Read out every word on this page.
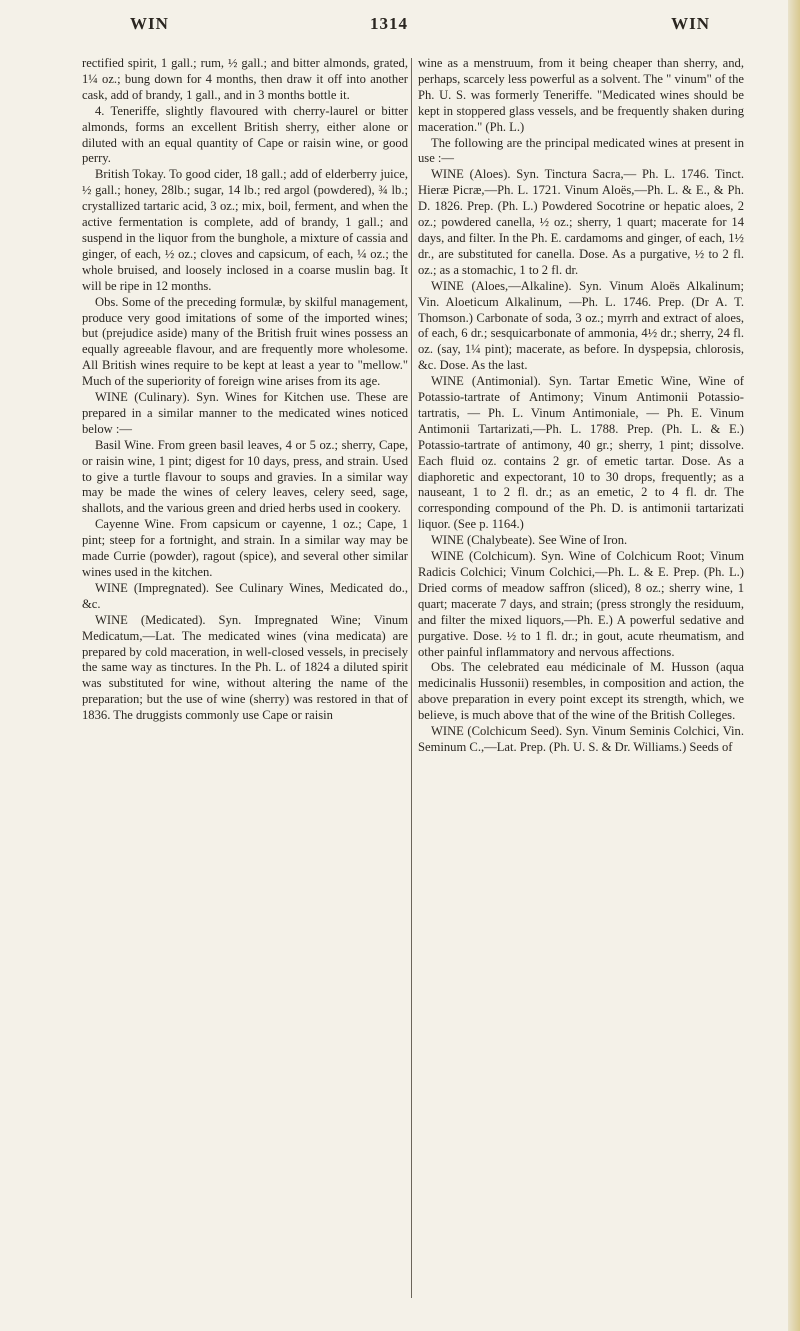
WIN	1314	WIN

rectified spirit, 1 gall.; rum, ½ gall.; and bitter almonds, grated, 1¼ oz.; bung down for 4 months, then draw it off into another cask, add of brandy, 1 gall., and in 3 months bottle it.

4. Teneriffe, slightly flavoured with cherry-laurel or bitter almonds, forms an excellent British sherry, either alone or diluted with an equal quantity of Cape or raisin wine, or good perry.

British Tokay. To good cider, 18 gall.; add of elderberry juice, ½ gall.; honey, 28lb.; sugar, 14 lb.; red argol (powdered), ¾ lb.; crystallized tartaric acid, 3 oz.; mix, boil, ferment, and when the active fermentation is complete, add of brandy, 1 gall.; and suspend in the liquor from the bunghole, a mixture of cassia and ginger, of each, ½ oz.; cloves and capsicum, of each, ¼ oz.; the whole bruised, and loosely inclosed in a coarse muslin bag. It will be ripe in 12 months.

Obs. Some of the preceding formulæ, by skilful management, produce very good imitations of some of the imported wines; but (prejudice aside) many of the British fruit wines possess an equally agreeable flavour, and are frequently more wholesome. All British wines require to be kept at least a year to "mellow." Much of the superiority of foreign wine arises from its age.

WINE (Culinary). Syn. Wines for Kitchen use. These are prepared in a similar manner to the medicated wines noticed below :—

Basil Wine. From green basil leaves, 4 or 5 oz.; sherry, Cape, or raisin wine, 1 pint; digest for 10 days, press, and strain. Used to give a turtle flavour to soups and gravies. In a similar way may be made the wines of celery leaves, celery seed, sage, shallots, and the various green and dried herbs used in cookery.

Cayenne Wine. From capsicum or cayenne, 1 oz.; Cape, 1 pint; steep for a fortnight, and strain. In a similar way may be made Currie (powder), ragout (spice), and several other similar wines used in the kitchen.

WINE (Impregnated). See Culinary Wines, Medicated do., &c.

WINE (Medicated). Syn. Impregnated Wine; Vinum Medicatum,—Lat. The medicated wines (vina medicata) are prepared by cold maceration, in well-closed vessels, in precisely the same way as tinctures. In the Ph. L. of 1824 a diluted spirit was substituted for wine, without altering the name of the preparation; but the use of wine (sherry) was restored in that of 1836. The druggists commonly use Cape or raisin

wine as a menstruum, from it being cheaper than sherry, and, perhaps, scarcely less powerful as a solvent. The " vinum" of the Ph. U. S. was formerly Teneriffe. "Medicated wines should be kept in stoppered glass vessels, and be frequently shaken during maceration." (Ph. L.)

The following are the principal medicated wines at present in use :—

WINE (Aloes). Syn. Tinctura Sacra,— Ph. L. 1746. Tinct. Hieræ Picræ,—Ph. L. 1721. Vinum Aloës,—Ph. L. & E., & Ph. D. 1826. Prep. (Ph. L.) Powdered Socotrine or hepatic aloes, 2 oz.; powdered canella, ½ oz.; sherry, 1 quart; macerate for 14 days, and filter. In the Ph. E. cardamoms and ginger, of each, 1½ dr., are substituted for canella. Dose. As a purgative, ½ to 2 fl. oz.; as a stomachic, 1 to 2 fl. dr.

WINE (Aloes,—Alkaline). Syn. Vinum Aloës Alkalinum; Vin. Aloeticum Alkalinum, —Ph. L. 1746. Prep. (Dr A. T. Thomson.) Carbonate of soda, 3 oz.; myrrh and extract of aloes, of each, 6 dr.; sesquicarbonate of ammonia, 4½ dr.; sherry, 24 fl. oz. (say, 1¼ pint); macerate, as before. In dyspepsia, chlorosis, &c. Dose. As the last.

WINE (Antimonial). Syn. Tartar Emetic Wine, Wine of Potassio-tartrate of Antimony; Vinum Antimonii Potassio-tartratis, — Ph. L. Vinum Antimoniale, — Ph. E. Vinum Antimonii Tartarizati,—Ph. L. 1788. Prep. (Ph. L. & E.) Potassio-tartrate of antimony, 40 gr.; sherry, 1 pint; dissolve. Each fluid oz. contains 2 gr. of emetic tartar. Dose. As a diaphoretic and expectorant, 10 to 30 drops, frequently; as a nauseant, 1 to 2 fl. dr.; as an emetic, 2 to 4 fl. dr. The corresponding compound of the Ph. D. is antimonii tartarizati liquor. (See p. 1164.)

WINE (Chalybeate). See Wine of Iron.

WINE (Colchicum). Syn. Wine of Colchicum Root; Vinum Radicis Colchici; Vinum Colchici,—Ph. L. & E. Prep. (Ph. L.) Dried corms of meadow saffron (sliced), 8 oz.; sherry wine, 1 quart; macerate 7 days, and strain; (press strongly the residuum, and filter the mixed liquors,—Ph. E.) A powerful sedative and purgative. Dose. ½ to 1 fl. dr.; in gout, acute rheumatism, and other painful inflammatory and nervous affections.

Obs. The celebrated eau médicinale of M. Husson (aqua medicinalis Hussonii) resembles, in composition and action, the above preparation in every point except its strength, which, we believe, is much above that of the wine of the British Colleges.

WINE (Colchicum Seed). Syn. Vinum Seminis Colchici, Vin. Seminum C.,—Lat. Prep. (Ph. U. S. & Dr. Williams.) Seeds of
